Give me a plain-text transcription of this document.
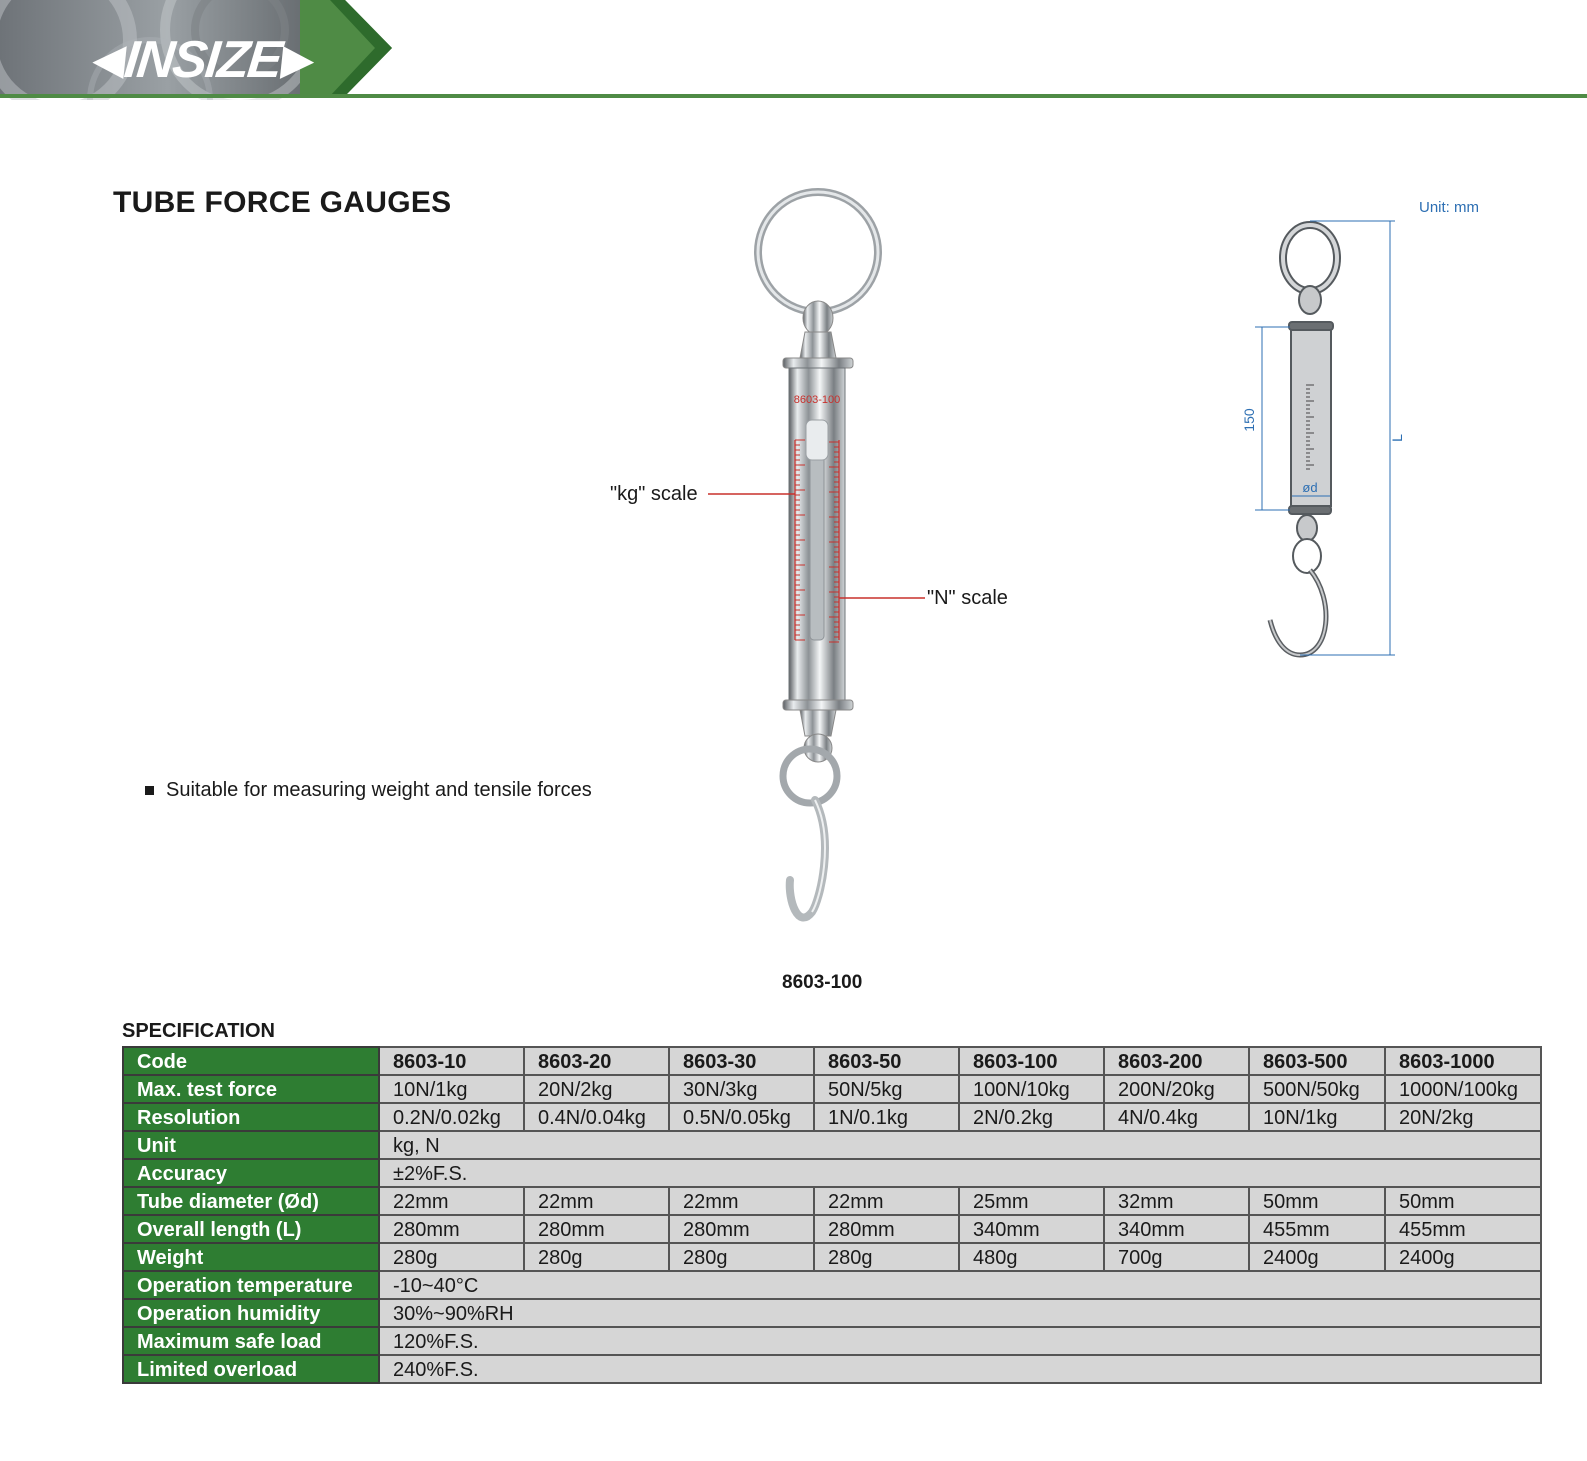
◀
INSIZE
▶
TUBE FORCE GAUGES
Suitable for measuring weight and tensile forces
8603-100
"kg" scale
"N" scale
8603-100
150
L
ød
Unit: mm
SPECIFICATION
Code	8603-10	8603-20	8603-30	8603-50	8603-100	8603-200	8603-500	8603-1000
Max. test force	10N/1kg	20N/2kg	30N/3kg	50N/5kg	100N/10kg	200N/20kg	500N/50kg	1000N/100kg
Resolution	0.2N/0.02kg	0.4N/0.04kg	0.5N/0.05kg	1N/0.1kg	2N/0.2kg	4N/0.4kg	10N/1kg	20N/2kg
Unit	kg, N							
Accuracy	±2%F.S.							
Tube diameter (Ød)	22mm	22mm	22mm	22mm	25mm	32mm	50mm	50mm
Overall length (L)	280mm	280mm	280mm	280mm	340mm	340mm	455mm	455mm
Weight	280g	280g	280g	280g	480g	700g	2400g	2400g
Operation temperature	-10~40°C							
Operation humidity	30%~90%RH							
Maximum safe load	120%F.S.							
Limited overload	240%F.S.							
